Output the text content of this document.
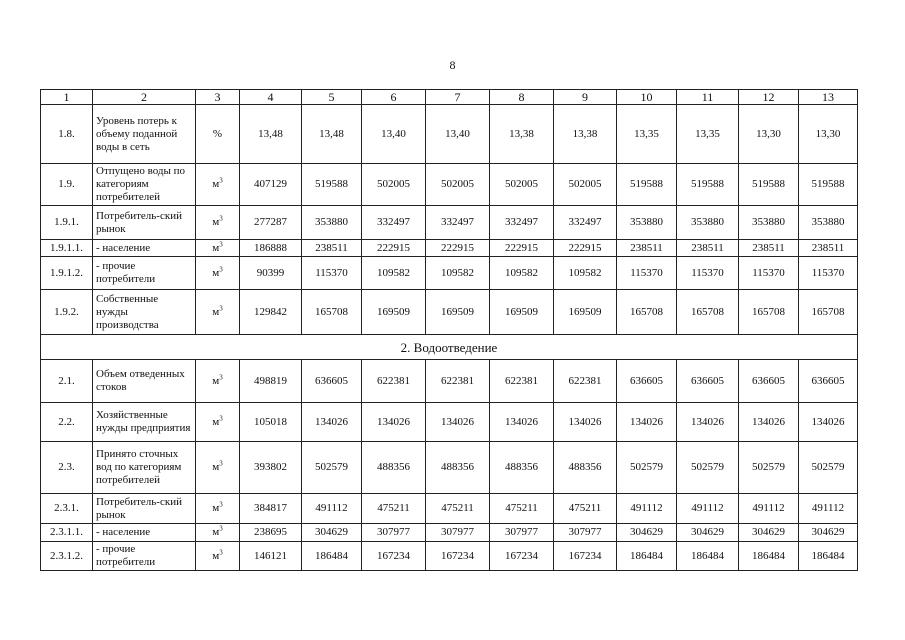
8
1	2	3	4	5	6	7	8	9	10	11	12	13
1.8.	Уровень потерь к объему поданной воды в сеть	%	13,48	13,48	13,40	13,40	13,38	13,38	13,35	13,35	13,30	13,30
1.9.	Отпущено воды по категориям потребителей	$м^3$	407129	519588	502005	502005	502005	502005	519588	519588	519588	519588
1.9.1.	Потребитель-ский рынок	$м^3$	277287	353880	332497	332497	332497	332497	353880	353880	353880	353880
1.9.1.1.	- население	$м^3$	186888	238511	222915	222915	222915	222915	238511	238511	238511	238511
1.9.1.2.	- прочие потребители	$м^3$	90399	115370	109582	109582	109582	109582	115370	115370	115370	115370
1.9.2.	Собственные нужды производства	$м^3$	129842	165708	169509	169509	169509	169509	165708	165708	165708	165708
2. Водоотведение												
2.1.	Объем отведенных стоков	$м^3$	498819	636605	622381	622381	622381	622381	636605	636605	636605	636605
2.2.	Хозяйственные нужды предприятия	$м^3$	105018	134026	134026	134026	134026	134026	134026	134026	134026	134026
2.3.	Принято сточных вод по категориям потребителей	$м^3$	393802	502579	488356	488356	488356	488356	502579	502579	502579	502579
2.3.1.	Потребитель-ский рынок	$м^3$	384817	491112	475211	475211	475211	475211	491112	491112	491112	491112
2.3.1.1.	- население	$м^3$	238695	304629	307977	307977	307977	307977	304629	304629	304629	304629
2.3.1.2.	- прочие потребители	$м^3$	146121	186484	167234	167234	167234	167234	186484	186484	186484	186484
